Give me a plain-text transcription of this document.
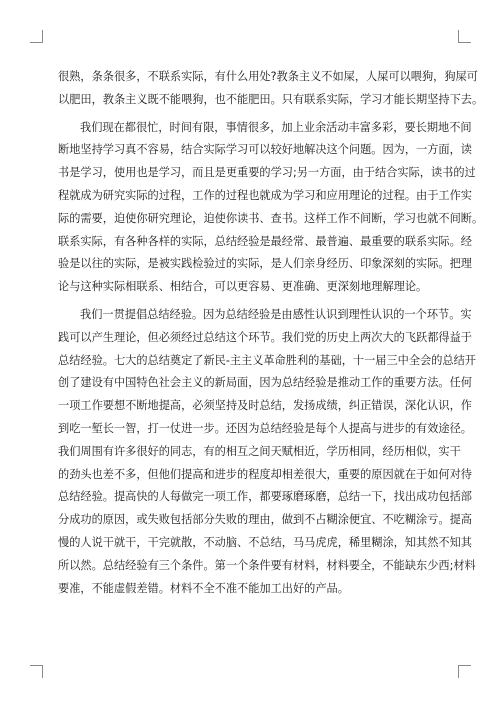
很熟，条条很多，不联系实际，有什么用处?教条主义不如屎，人屎可以喂狗，狗屎可
以肥田，教条主义既不能喂狗，也不能肥田。只有联系实际，学习才能长期坚持下去。
我们现在都很忙，时间有限，事情很多，加上业余活动丰富多彩，要长期地不间
断地坚持学习真不容易，结合实际学习可以较好地解决这个问题。因为，一方面，读
书是学习，使用也是学习，而且是更重要的学习;另一方面，由于结合实际，读书的过
程就成为研究实际的过程，工作的过程也就成为学习和应用理论的过程。由于工作实
际的需要，迫使你研究理论，迫使你读书、查书。这样工作不间断，学习也就不间断。
联系实际，有各种各样的实际，总结经验是最经常、最普遍、最重要的联系实际。经
验是以往的实际，是被实践检验过的实际，是人们亲身经历、印象深刻的实际。把理
论与这种实际相联系、相结合，可以更容易、更准确、更深刻地理解理论。
我们一贯提倡总结经验。因为总结经验是由感性认识到理性认识的一个环节。实
践可以产生理论，但必须经过总结这个环节。我们党的历史上两次大的飞跃都得益于
总结经验。七大的总结奠定了新民-主主义革命胜利的基础，十一届三中全会的总结开
创了建设有中国特色社会主义的新局面，因为总结经验是推动工作的重要方法。任何
一项工作要想不断地提高，必须坚持及时总结，发扬成绩，纠正错误，深化认识，作
到吃一堑长一智，打一仗进一步。还因为总结经验是每个人提高与进步的有效途径。
我们周围有许多很好的同志，有的相互之间天赋相近，学历相同，经历相似，实干
的劲头也差不多，但他们提高和进步的程度却相差很大，重要的原因就在于如何对待
总结经验。提高快的人每做完一项工作，都要琢磨琢磨，总结一下，找出成功包括部
分成功的原因，或失败包括部分失败的理由，做到不占糊涂便宜、不吃糊涂亏。提高
慢的人说干就干，干完就散，不动脑、不总结，马马虎虎，稀里糊涂，知其然不知其
所以然。总结经验有三个条件。第一个条件要有材料，材料要全，不能缺东少西;材料
要准，不能虚假差错。材料不全不准不能加工出好的产品。
